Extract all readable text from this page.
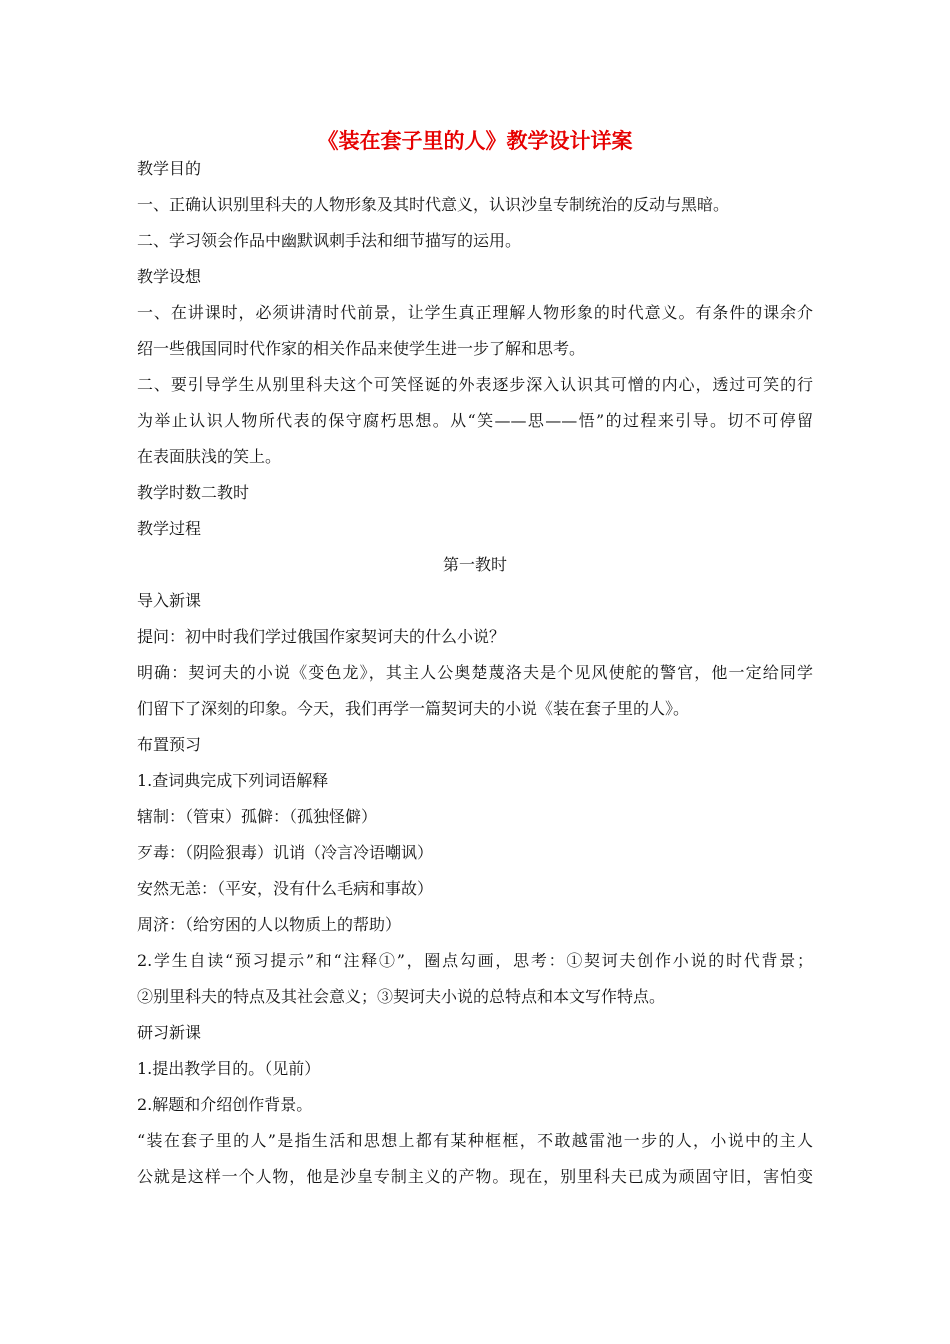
《装在套子里的人》教学设计详案
教学目的
一、正确认识别里科夫的人物形象及其时代意义，认识沙皇专制统治的反动与黑暗。
二、学习领会作品中幽默讽刺手法和细节描写的运用。
教学设想
一、在讲课时，必须讲清时代前景，让学生真正理解人物形象的时代意义。有条件的课余介
绍一些俄国同时代作家的相关作品来使学生进一步了解和思考。
二、要引导学生从别里科夫这个可笑怪诞的外表逐步深入认识其可憎的内心，透过可笑的行
为举止认识人物所代表的保守腐朽思想。从“笑——思——悟”的过程来引导。切不可停留
在表面肤浅的笑上。
教学时数二教时
教学过程
第一教时
导入新课
提问：初中时我们学过俄国作家契诃夫的什么小说？
明确：契诃夫的小说《变色龙》，其主人公奥楚蔑洛夫是个见风使舵的警官，他一定给同学
们留下了深刻的印象。今天，我们再学一篇契诃夫的小说《装在套子里的人》。
布置预习
1.查词典完成下列词语解释
辖制：（管束）孤僻：（孤独怪僻）
歹毒：（阴险狠毒）讥诮（冷言冷语嘲讽）
安然无恙：（平安，没有什么毛病和事故）
周济：（给穷困的人以物质上的帮助）
2.学生自读“预习提示”和“注释①”，圈点勾画，思考：①契诃夫创作小说的时代背景；
②别里科夫的特点及其社会意义；③契诃夫小说的总特点和本文写作特点。
研习新课
1.提出教学目的。（见前）
2.解题和介绍创作背景。
“装在套子里的人”是指生活和思想上都有某种框框，不敢越雷池一步的人，小说中的主人
公就是这样一个人物，他是沙皇专制主义的产物。现在，别里科夫已成为顽固守旧，害怕变
